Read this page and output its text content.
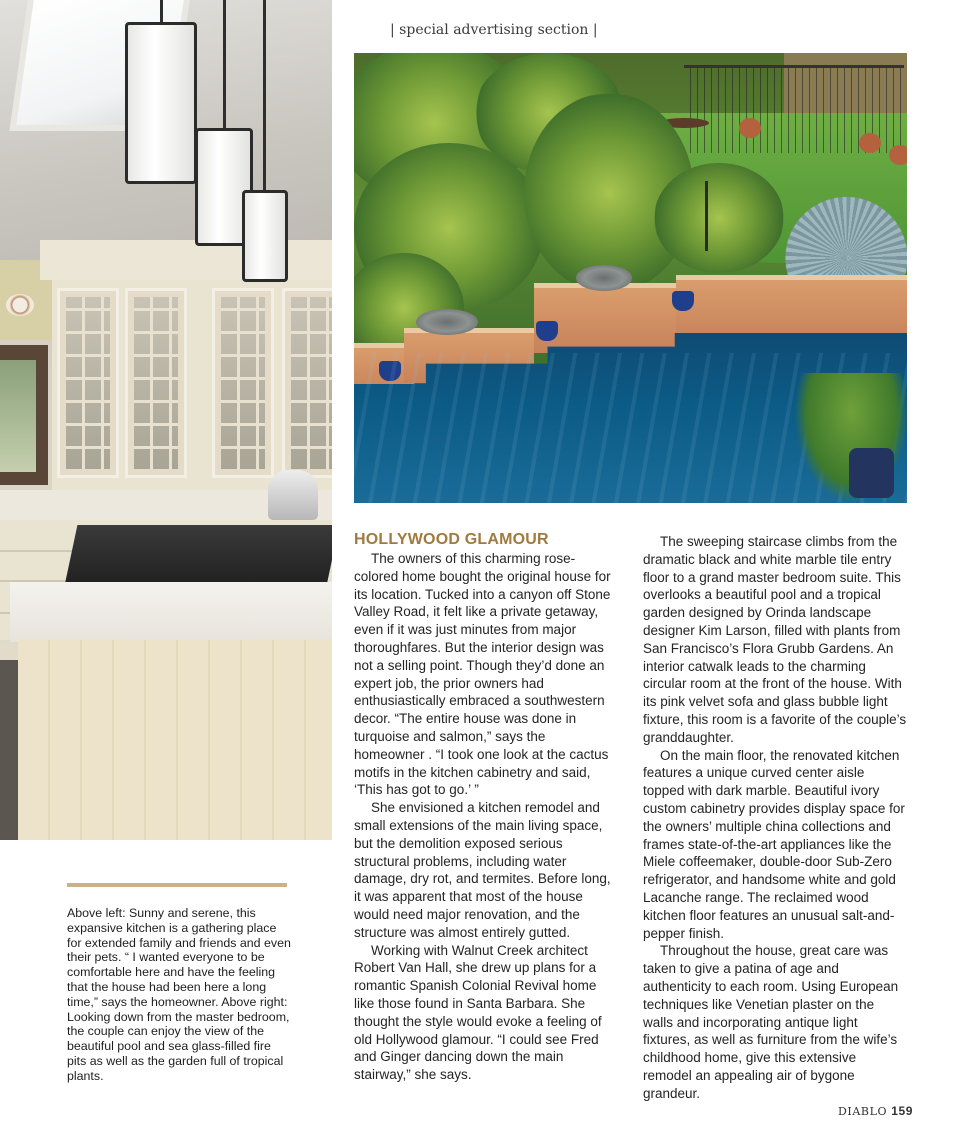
| special advertising section |
HOLLYWOOD GLAMOUR

The owners of this charming rose-colored home bought the original house for its location. Tucked into a canyon off Stone Valley Road, it felt like a private getaway, even if it was just minutes from major thoroughfares. But the interior design was not a selling point. Though they’d done an expert job, the prior owners had enthusiastically embraced a southwestern decor. “The entire house was done in turquoise and salmon,” says the homeowner . “I took one look at the cactus motifs in the kitchen cabinetry and said, ‘This has got to go.’ ”

She envisioned a kitchen remodel and small extensions of the main living space, but the demolition exposed serious structural problems, including water damage, dry rot, and termites. Before long, it was apparent that most of the house would need major renovation, and the structure was almost entirely gutted.

Working with Walnut Creek architect Robert Van Hall, she drew up plans for a romantic Spanish Colonial Revival home like those found in Santa Barbara. She thought the style would evoke a feeling of old Hollywood glamour. “I could see Fred and Ginger dancing down the main stairway,” she says.

The sweeping staircase climbs from the dramatic black and white marble tile entry floor to a grand master bedroom suite. This overlooks a beautiful pool and a tropical garden designed by Orinda landscape designer Kim Larson, filled with plants from San Francisco’s Flora Grubb Gardens. An interior catwalk leads to the charming circular room at the front of the house. With its pink velvet sofa and glass bubble light fixture, this room is a favorite of the couple’s granddaughter.

On the main floor, the renovated kitchen features a unique curved center aisle topped with dark marble. Beautiful ivory custom cabinetry provides display space for the owners’ multiple china collections and frames state-of-the-art appliances like the Miele coffeemaker, double-door Sub-Zero refrigerator, and handsome white and gold Lacanche range. The reclaimed wood kitchen floor features an unusual salt-and-pepper finish.

Throughout the house, great care was taken to give a patina of age and authenticity to each room. Using European techniques like Venetian plaster on the walls and incorporating antique light fixtures, as well as furniture from the wife’s childhood home, give this extensive remodel an appealing air of bygone grandeur.

Above left: Sunny and serene, this expansive kitchen is a gathering place for extended family and friends and even their pets. “ I wanted everyone to be comfortable here and have the feeling that the house had been here a long time,” says the homeowner. Above right: Looking down from the master bedroom, the couple can enjoy the view of the beautiful pool and sea glass-filled fire pits as well as the garden full of tropical plants.
DIABLO 159
